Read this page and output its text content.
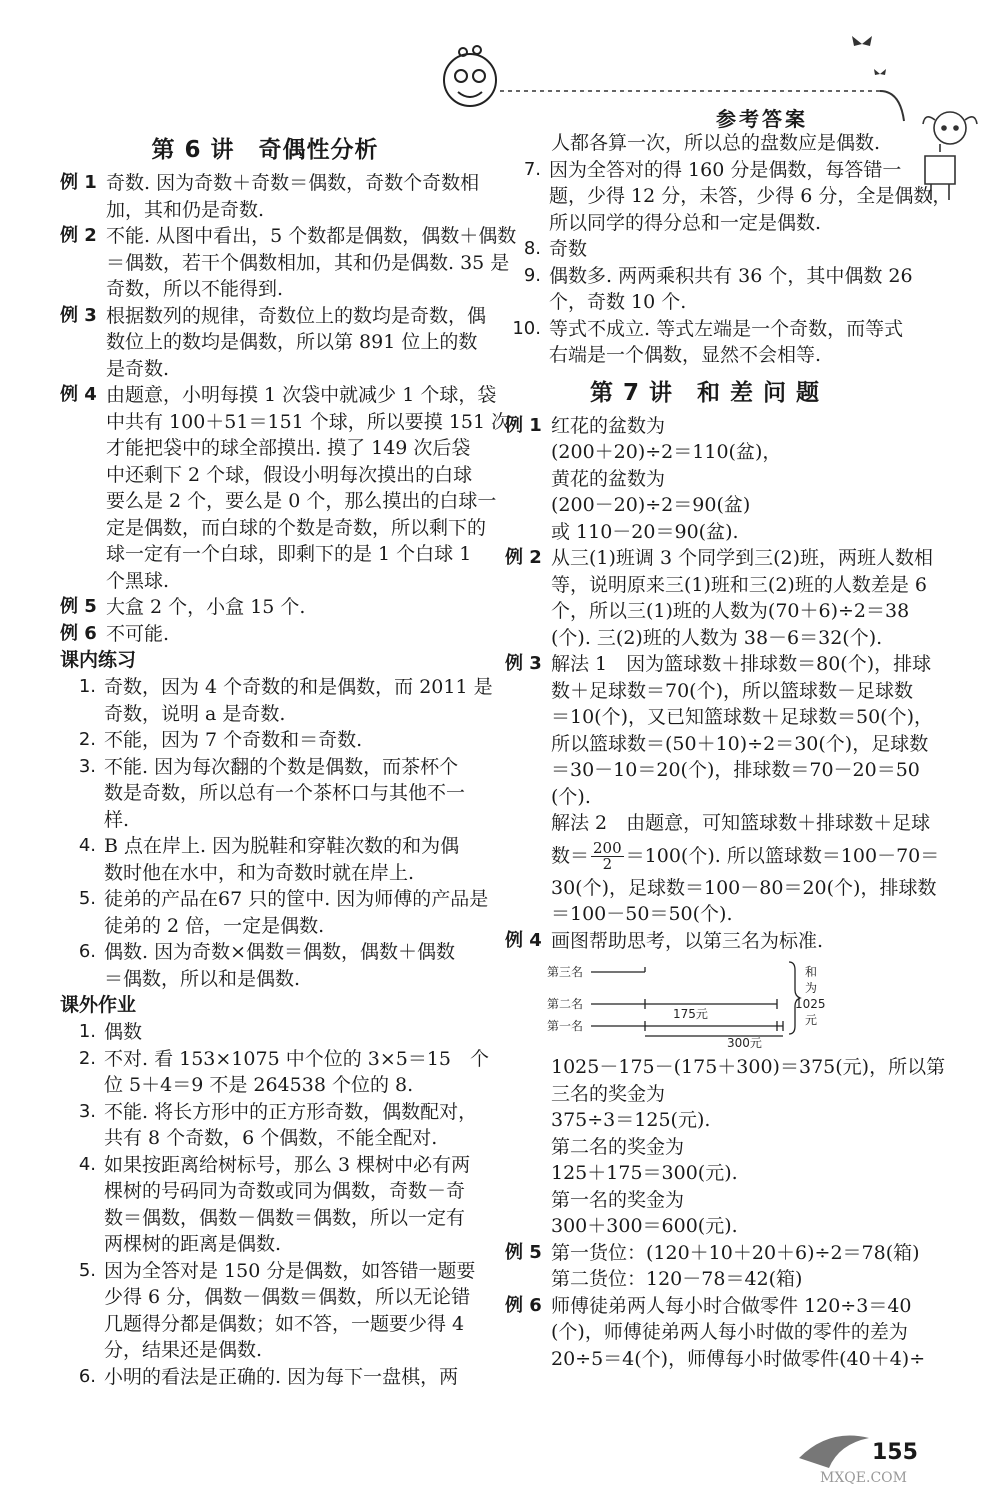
参考答案
第 6 讲　奇偶性分析
例 1 奇数. 因为奇数＋奇数＝偶数，奇数个奇数相
加，其和仍是奇数.
例 2 不能. 从图中看出，5 个数都是偶数，偶数＋偶数
＝偶数，若干个偶数相加，其和仍是偶数. 35 是
奇数，所以不能得到.
例 3 根据数列的规律，奇数位上的数均是奇数，偶
数位上的数均是偶数，所以第 891 位上的数
是奇数.
例 4 由题意，小明每摸 1 次袋中就减少 1 个球，袋
中共有 100＋51＝151 个球，所以要摸 151 次
才能把袋中的球全部摸出. 摸了 149 次后袋
中还剩下 2 个球，假设小明每次摸出的白球
要么是 2 个，要么是 0 个，那么摸出的白球一
定是偶数，而白球的个数是奇数，所以剩下的
球一定有一个白球，即剩下的是 1 个白球 1
个黑球.
例 5 大盒 2 个，小盒 15 个.
例 6 不可能.
课内练习
1. 奇数，因为 4 个奇数的和是偶数，而 2011 是
奇数，说明 a 是奇数.
2. 不能，因为 7 个奇数和＝奇数.
3. 不能. 因为每次翻的个数是偶数，而茶杯个
数是奇数，所以总有一个茶杯口与其他不一
样.
4. B 点在岸上. 因为脱鞋和穿鞋次数的和为偶
数时他在水中，和为奇数时就在岸上.
5. 徒弟的产品在67 只的筐中. 因为师傅的产品是
徒弟的 2 倍，一定是偶数.
6. 偶数. 因为奇数×偶数＝偶数，偶数＋偶数
＝偶数，所以和是偶数.
课外作业
1. 偶数
2. 不对. 看 153×1075 中个位的 3×5＝15　个
位 5＋4＝9 不是 264538 个位的 8.
3. 不能. 将长方形中的正方形奇数，偶数配对，
共有 8 个奇数，6 个偶数，不能全配对.
4. 如果按距离给树标号，那么 3 棵树中必有两
棵树的号码同为奇数或同为偶数，奇数－奇
数＝偶数，偶数－偶数＝偶数，所以一定有
两棵树的距离是偶数.
5. 因为全答对是 150 分是偶数，如答错一题要
少得 6 分，偶数－偶数＝偶数，所以无论错
几题得分都是偶数；如不答，一题要少得 4
分，结果还是偶数.
6. 小明的看法是正确的. 因为每下一盘棋，两
人都各算一次，所以总的盘数应是偶数.
7. 因为全答对的得 160 分是偶数，每答错一
题，少得 12 分，未答，少得 6 分，全是偶数，
所以同学的得分总和一定是偶数.
8. 奇数
9. 偶数多. 两两乘积共有 36 个，其中偶数 26
个，奇数 10 个.
10. 等式不成立. 等式左端是一个奇数，而等式
右端是一个偶数，显然不会相等.
第 7 讲　和 差 问 题
例 1 红花的盆数为
(200＋20)÷2＝110(盆)，
黄花的盆数为
(200－20)÷2＝90(盆)
或 110－20＝90(盆).
例 2 从三(1)班调 3 个同学到三(2)班，两班人数相
等，说明原来三(1)班和三(2)班的人数差是 6
个，所以三(1)班的人数为(70＋6)÷2＝38
(个). 三(2)班的人数为 38－6＝32(个).
例 3 解法 1　因为篮球数＋排球数＝80(个)，排球
数＋足球数＝70(个)，所以篮球数－足球数
＝10(个)，又已知篮球数＋足球数＝50(个)，
所以篮球数＝(50＋10)÷2＝30(个)，足球数
＝30－10＝20(个)，排球数＝70－20＝50
(个).
解法 2　由题意，可知篮球数＋排球数＋足球
数＝ $\frac{200}{2} =100$(个). 所以篮球数＝100－70＝
30(个)，足球数＝100－80＝20(个)，排球数
＝100－50＝50(个).
例 4 画图帮助思考，以第三名为标准.
第三名
第二名
第一名
175元
300元
和
为
1025
元
1025－175－(175＋300)＝375(元)，所以第
三名的奖金为
375÷3＝125(元).
第二名的奖金为
125＋175＝300(元).
第一名的奖金为
300＋300＝600(元).
例 5 第一货位：(120＋10＋20＋6)÷2＝78(箱)
第二货位：120－78＝42(箱)
例 6 师傅徒弟两人每小时合做零件 120÷3＝40
(个)，师傅徒弟两人每小时做的零件的差为
20÷5＝4(个)，师傅每小时做零件(40＋4)÷
155
MXQE.COM
